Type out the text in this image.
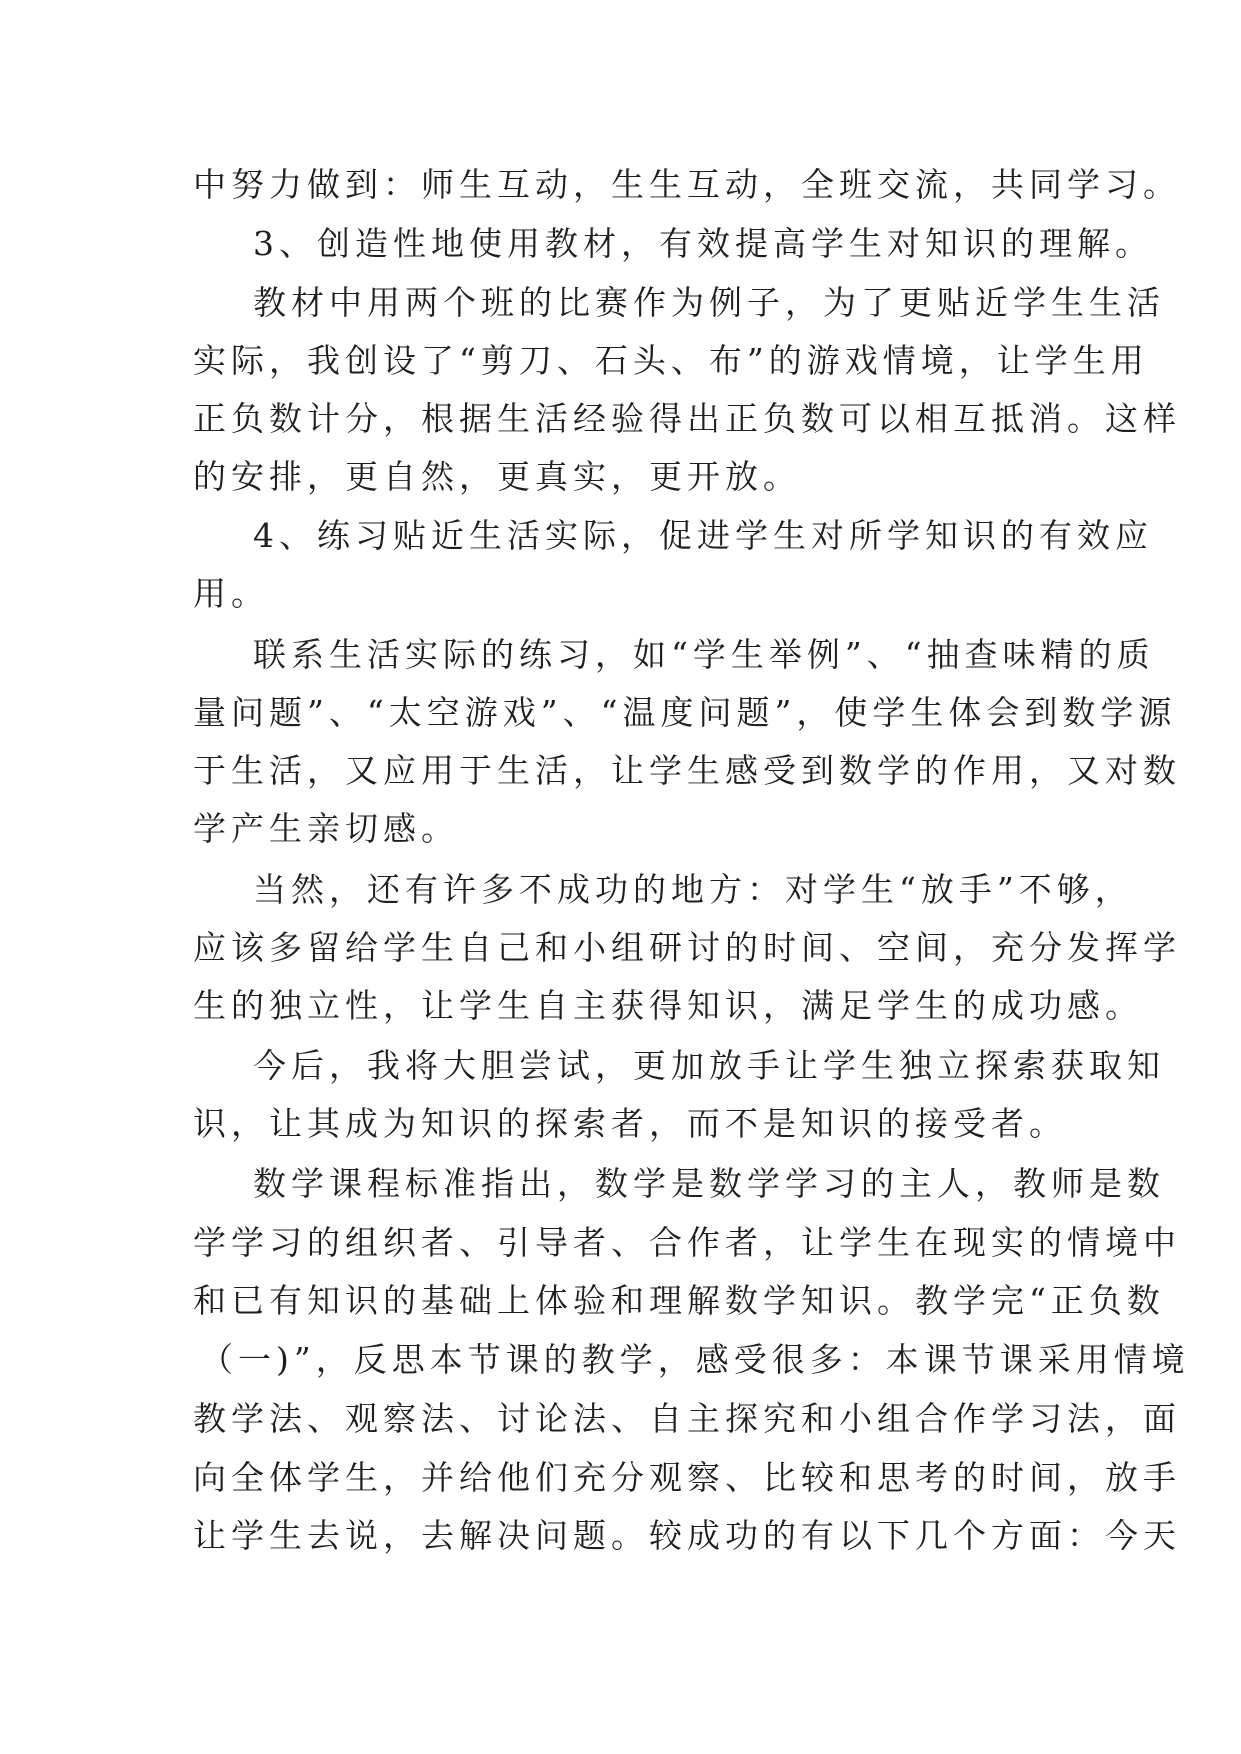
中努力做到：师生互动，生生互动，全班交流，共同学习。
3、创造性地使用教材，有效提高学生对知识的理解。
教材中用两个班的比赛作为例子，为了更贴近学生生活
实际，我创设了“剪刀、石头、布”的游戏情境，让学生用
正负数计分，根据生活经验得出正负数可以相互抵消。这样
的安排，更自然，更真实，更开放。
4、练习贴近生活实际，促进学生对所学知识的有效应
用。
联系生活实际的练习，如“学生举例”、“抽查味精的质
量问题”、“太空游戏”、“温度问题”，使学生体会到数学源
于生活，又应用于生活，让学生感受到数学的作用，又对数
学产生亲切感。
当然，还有许多不成功的地方：对学生“放手”不够，
应该多留给学生自己和小组研讨的时间、空间，充分发挥学
生的独立性，让学生自主获得知识，满足学生的成功感。
今后，我将大胆尝试，更加放手让学生独立探索获取知
识，让其成为知识的探索者，而不是知识的接受者。
数学课程标准指出，数学是数学学习的主人，教师是数
学学习的组织者、引导者、合作者，让学生在现实的情境中
和已有知识的基础上体验和理解数学知识。教学完“正负数
（一)”，反思本节课的教学，感受很多：本课节课采用情境
教学法、观察法、讨论法、自主探究和小组合作学习法，面
向全体学生，并给他们充分观察、比较和思考的时间，放手
让学生去说，去解决问题。较成功的有以下几个方面：今天
